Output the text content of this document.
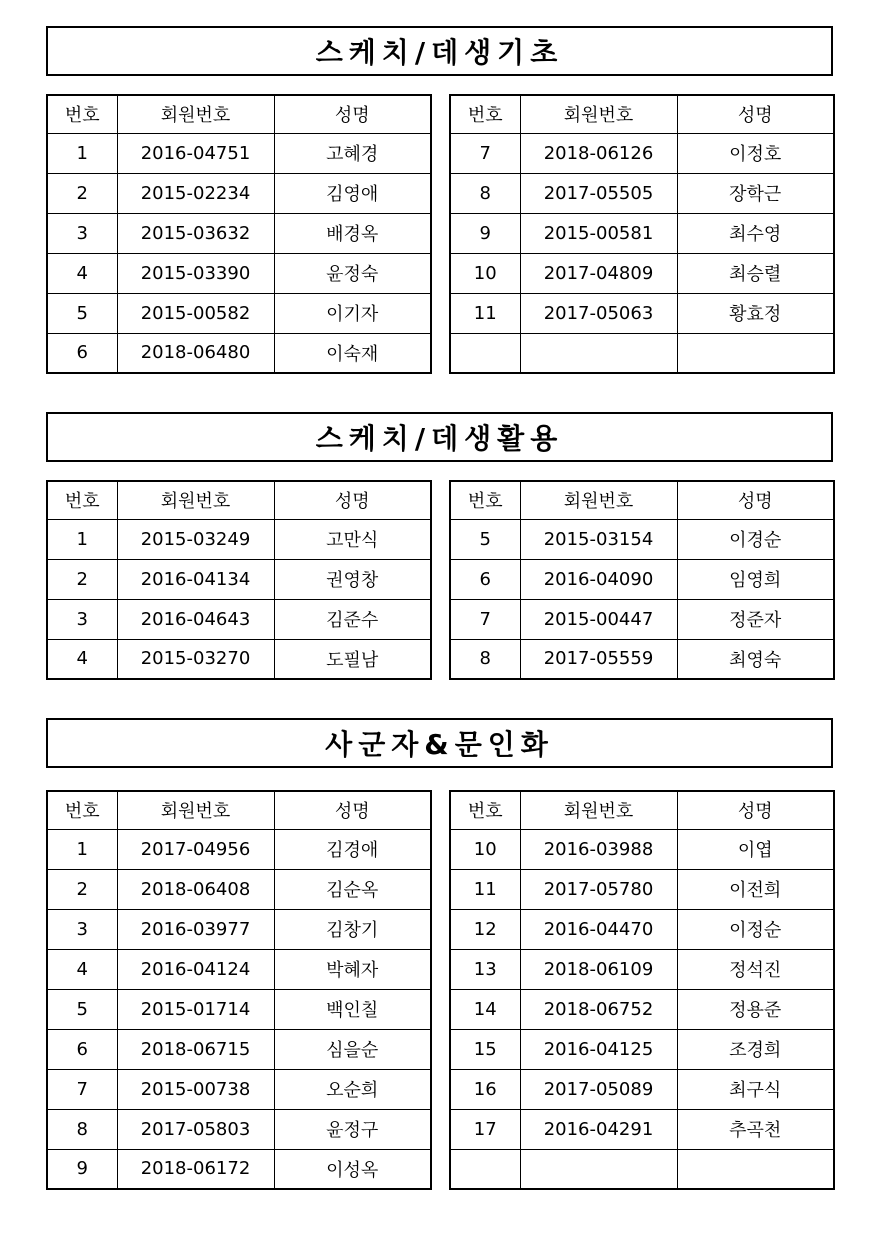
스케치/데생기초
번호	회원번호	성명
1	2016-04751	고혜경
2	2015-02234	김영애
3	2015-03632	배경옥
4	2015-03390	윤정숙
5	2015-00582	이기자
6	2018-06480	이숙재
번호	회원번호	성명
7	2018-06126	이정호
8	2017-05505	장학근
9	2015-00581	최수영
10	2017-04809	최승렬
11	2017-05063	황효정

스케치/데생활용
번호	회원번호	성명
1	2015-03249	고만식
2	2016-04134	권영창
3	2016-04643	김준수
4	2015-03270	도필남
번호	회원번호	성명
5	2015-03154	이경순
6	2016-04090	임영희
7	2015-00447	정준자
8	2017-05559	최영숙
사군자&문인화
번호	회원번호	성명
1	2017-04956	김경애
2	2018-06408	김순옥
3	2016-03977	김창기
4	2016-04124	박혜자
5	2015-01714	백인칠
6	2018-06715	심을순
7	2015-00738	오순희
8	2017-05803	윤정구
9	2018-06172	이성옥
번호	회원번호	성명
10	2016-03988	이엽
11	2017-05780	이전희
12	2016-04470	이정순
13	2018-06109	정석진
14	2018-06752	정용준
15	2016-04125	조경희
16	2017-05089	최구식
17	2016-04291	추곡천
